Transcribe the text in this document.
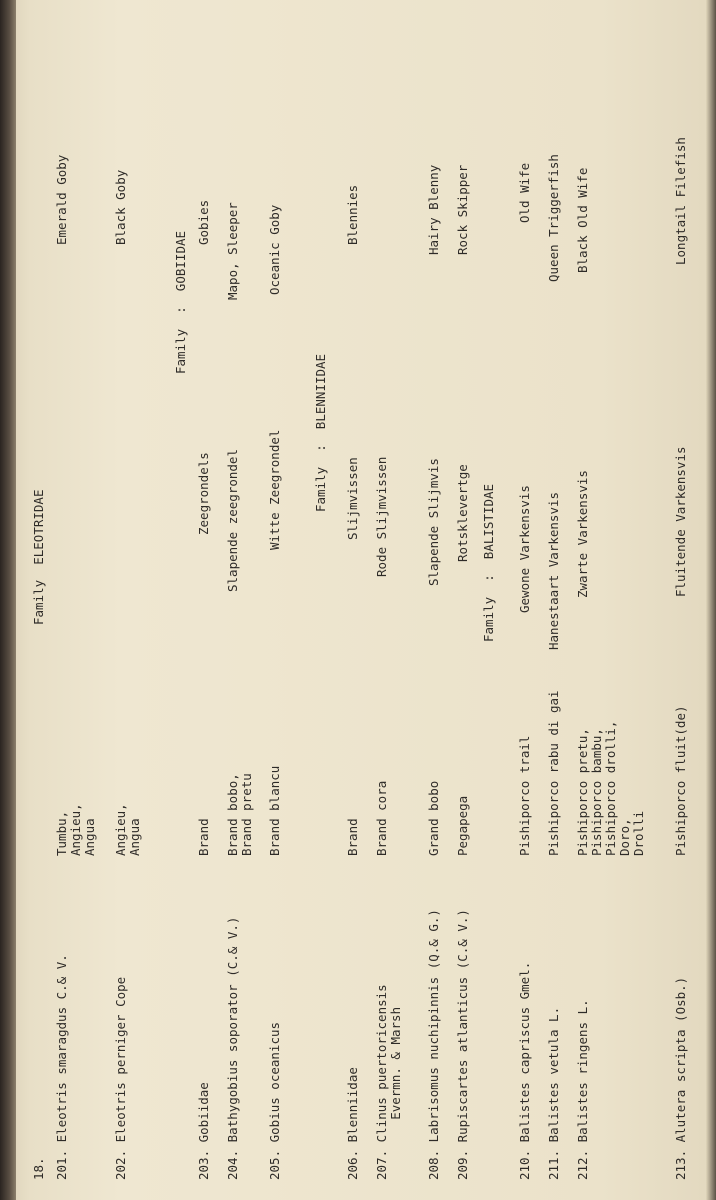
18.
Family  ELEOTRIDAE
Family  :  GOBIIDAE
Family  :  BLENNIIDAE
Family  :  BALISTIDAE
201. Eleotris smaragdus C.& V.
Tumbu,
Angieu,
Angua
Emerald Goby
202. Eleotris perniger Cope
Angieu,
Angua
Black Goby
203. Gobiidae
Brand
Zeegrondels
Gobies
204. Bathygobius soporator (C.& V.)
Brand bobo,
Brand pretu
Slapende zeegrondel
Mapo, Sleeper
205. Gobius oceanicus
Brand blancu
Witte Zeegrondel
Oceanic Goby
206. Blenniidae
Brand
Slijmvissen
Blennies
207. Clinus puertoricensis
Evermn. & Marsh
Brand cora
Rode Slijmvissen
208. Labrisomus nuchipinnis (Q.& G.)
Grand bobo
Slapende Slijmvis
Hairy Blenny
209. Rupiscartes atlanticus (C.& V.)
Pegapega
Rotsklevertge
Rock Skipper
210. Balistes capriscus Gmel.
Pishiporco trail
Gewone Varkensvis
Old Wife
211. Balistes vetula L.
Pishiporco rabu di gai
Hanestaart Varkensvis
Queen Triggerfish
212. Balistes ringens L.
Pishiporco pretu,
Pishiporco bambu,
Pishiporco drolli,
Doro,
Drolli
Zwarte Varkensvis
Black Old Wife
213. Alutera scripta (Osb.)
Pishiporco fluit(de)
Fluitende Varkensvis
Longtail Filefish
